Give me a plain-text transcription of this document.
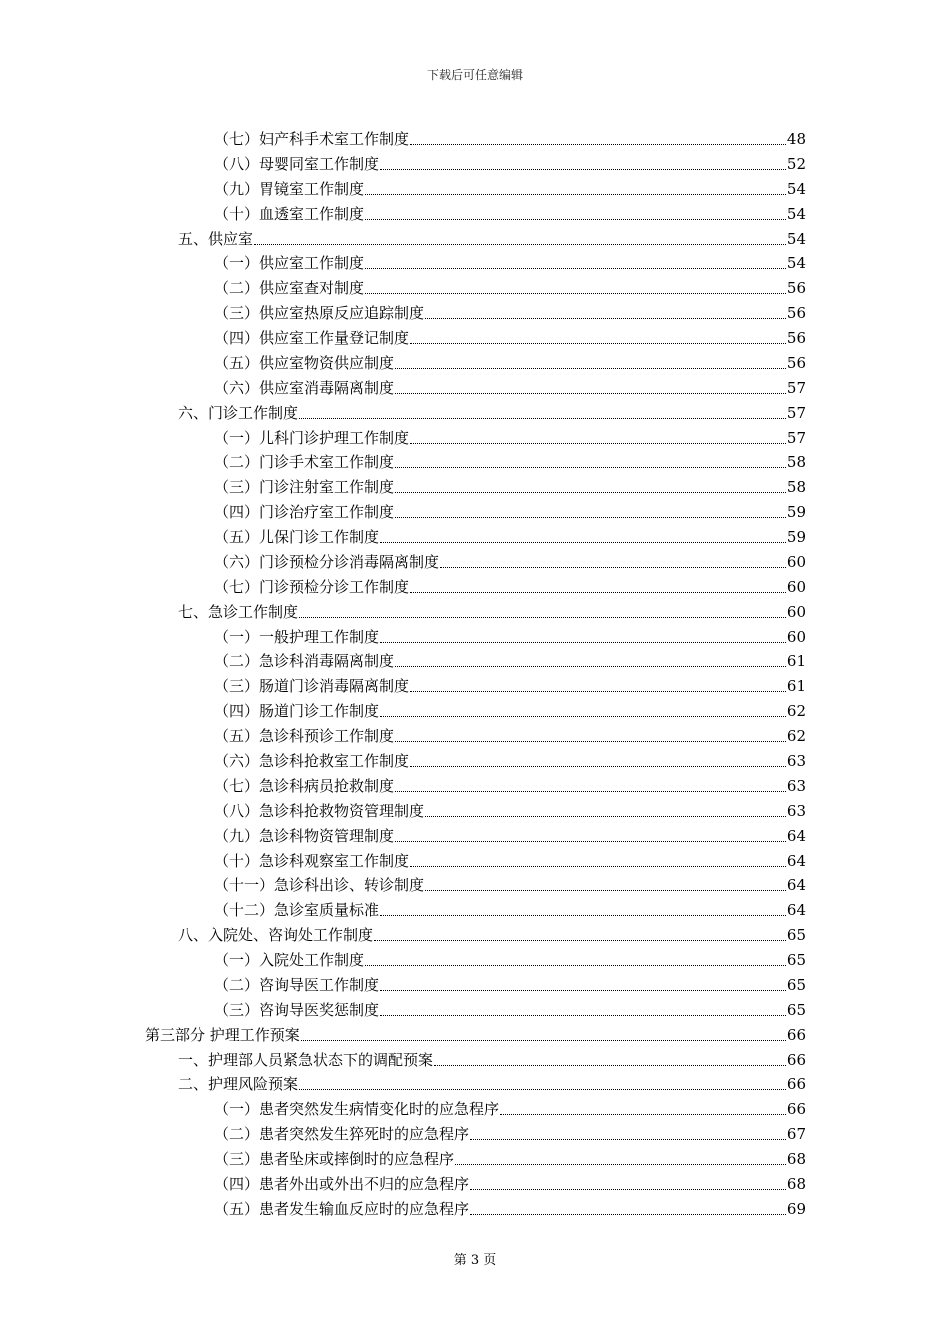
下载后可任意编辑
（七）妇产科手术室工作制度	48
（八）母婴同室工作制度	52
（九）胃镜室工作制度	54
（十）血透室工作制度	54
五、供应室	54
（一）供应室工作制度	54
（二）供应室查对制度	56
（三）供应室热原反应追踪制度	56
（四）供应室工作量登记制度	56
（五）供应室物资供应制度	56
（六）供应室消毒隔离制度	57
六、门诊工作制度	57
（一）儿科门诊护理工作制度	57
（二）门诊手术室工作制度	58
（三）门诊注射室工作制度	58
（四）门诊治疗室工作制度	59
（五）儿保门诊工作制度	59
（六）门诊预检分诊消毒隔离制度	60
（七）门诊预检分诊工作制度	60
七、急诊工作制度	60
（一）一般护理工作制度	60
（二）急诊科消毒隔离制度	61
（三）肠道门诊消毒隔离制度	61
（四）肠道门诊工作制度	62
（五）急诊科预诊工作制度	62
（六）急诊科抢救室工作制度	63
（七）急诊科病员抢救制度	63
（八）急诊科抢救物资管理制度	63
（九）急诊科物资管理制度	64
（十）急诊科观察室工作制度	64
（十一）急诊科出诊、转诊制度	64
（十二）急诊室质量标准	64
八、入院处、咨询处工作制度	65
（一）入院处工作制度	65
（二）咨询导医工作制度	65
（三）咨询导医奖惩制度	65
第三部分 护理工作预案	66
一、护理部人员紧急状态下的调配预案	66
二、护理风险预案	66
（一）患者突然发生病情变化时的应急程序	66
（二）患者突然发生猝死时的应急程序	67
（三）患者坠床或摔倒时的应急程序	68
（四）患者外出或外出不归的应急程序	68
（五）患者发生输血反应时的应急程序	69
第 3 页
